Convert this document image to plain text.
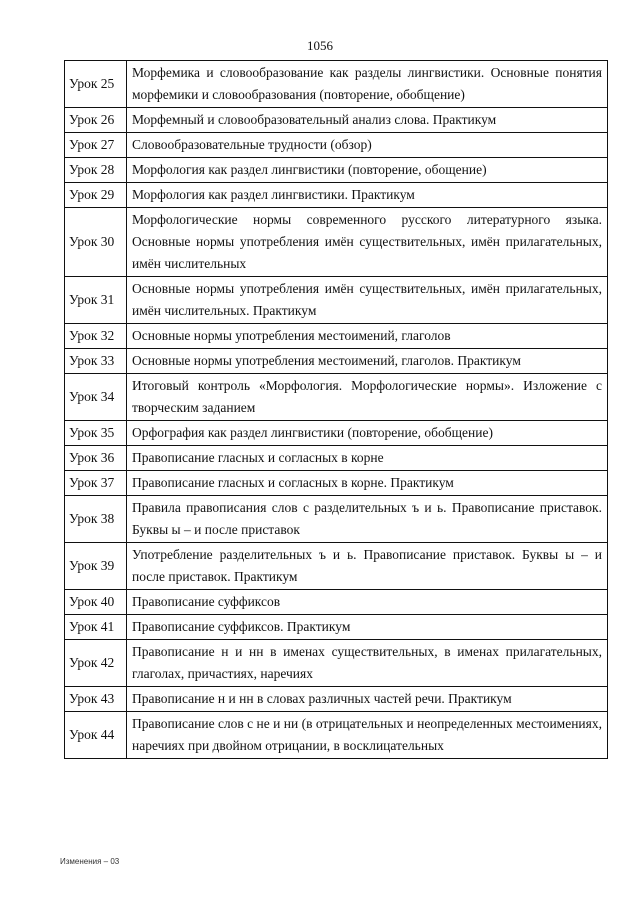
1056
Урок 25	Морфемика и словообразование как разделы лингвистики. Основные понятия морфемики и словообразования (повторение, обобщение)
Урок 26	Морфемный и словообразовательный анализ слова. Практикум
Урок 27	Словообразовательные трудности (обзор)
Урок 28	Морфология как раздел лингвистики (повторение, обощение)
Урок 29	Морфология как раздел лингвистики. Практикум
Урок 30	Морфологические нормы современного русского литературного языка. Основные нормы употребления имён существительных, имён прилагательных, имён числительных
Урок 31	Основные нормы употребления имён существительных, имён прилагательных, имён числительных. Практикум
Урок 32	Основные нормы употребления местоимений, глаголов
Урок 33	Основные нормы употребления местоимений, глаголов. Практикум
Урок 34	Итоговый контроль «Морфология. Морфологические нормы». Изложение с творческим заданием
Урок 35	Орфография как раздел лингвистики (повторение, обобщение)
Урок 36	Правописание гласных и согласных в корне
Урок 37	Правописание гласных и согласных в корне. Практикум
Урок 38	Правила правописания слов с разделительных ъ и ь. Правописание приставок. Буквы ы – и после приставок
Урок 39	Употребление разделительных ъ и ь. Правописание приставок. Буквы ы – и после приставок. Практикум
Урок 40	Правописание суффиксов
Урок 41	Правописание суффиксов. Практикум
Урок 42	Правописание н и нн в именах существительных, в именах прилагательных, глаголах, причастиях, наречиях
Урок 43	Правописание н и нн в словах различных частей речи. Практикум
Урок 44	Правописание слов с не и ни (в отрицательных и неопределенных местоимениях, наречиях при двойном отрицании, в восклицательных
Изменения – 03
